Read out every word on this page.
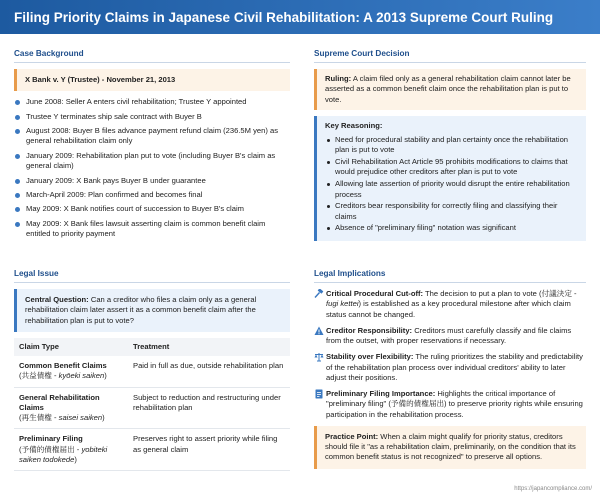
Filing Priority Claims in Japanese Civil Rehabilitation: A 2013 Supreme Court Ruling
Case Background
X Bank v. Y (Trustee) - November 21, 2013
June 2008: Seller A enters civil rehabilitation; Trustee Y appointed
Trustee Y terminates ship sale contract with Buyer B
August 2008: Buyer B files advance payment refund claim (236.5M yen) as general rehabilitation claim only
January 2009: Rehabilitation plan put to vote (including Buyer B's claim as general claim)
January 2009: X Bank pays Buyer B under guarantee
March-April 2009: Plan confirmed and becomes final
May 2009: X Bank notifies court of succession to Buyer B's claim
May 2009: X Bank files lawsuit asserting claim is common benefit claim entitled to priority payment
Supreme Court Decision
Ruling: A claim filed only as a general rehabilitation claim cannot later be asserted as a common benefit claim once the rehabilitation plan is put to vote.
Key Reasoning:
Need for procedural stability and plan certainty once the rehabilitation plan is put to vote
Civil Rehabilitation Act Article 95 prohibits modifications to claims that would prejudice other creditors after plan is put to vote
Allowing late assertion of priority would disrupt the entire rehabilitation process
Creditors bear responsibility for correctly filing and classifying their claims
Absence of "preliminary filing" notation was significant
Legal Issue
Central Question: Can a creditor who files a claim only as a general rehabilitation claim later assert it as a common benefit claim after the rehabilitation plan is put to vote?
Claim Type	Treatment
Common Benefit Claims
(共益債権 - kyōeki saiken)	Paid in full as due, outside rehabilitation plan
General Rehabilitation Claims
(再生債権 - saisei saiken)	Subject to reduction and restructuring under rehabilitation plan
Preliminary Filing
(予備的債権届出 - yobiteki saiken todokede)	Preserves right to assert priority while filing as general claim
Legal Implications
Critical Procedural Cut-off: The decision to put a plan to vote (付議決定 - fugi kettei) is established as a key procedural milestone after which claim status cannot be changed.
Creditor Responsibility: Creditors must carefully classify and file claims from the outset, with proper reservations if necessary.
Stability over Flexibility: The ruling prioritizes the stability and predictability of the rehabilitation plan process over individual creditors' ability to later adjust their positions.
Preliminary Filing Importance: Highlights the critical importance of "preliminary filing" (予備的債権届出) to preserve priority rights while ensuring participation in the rehabilitation process.
Practice Point: When a claim might qualify for priority status, creditors should file it "as a rehabilitation claim, preliminarily, on the condition that its common benefit status is not recognized" to preserve all options.
https://japancompliance.com/
